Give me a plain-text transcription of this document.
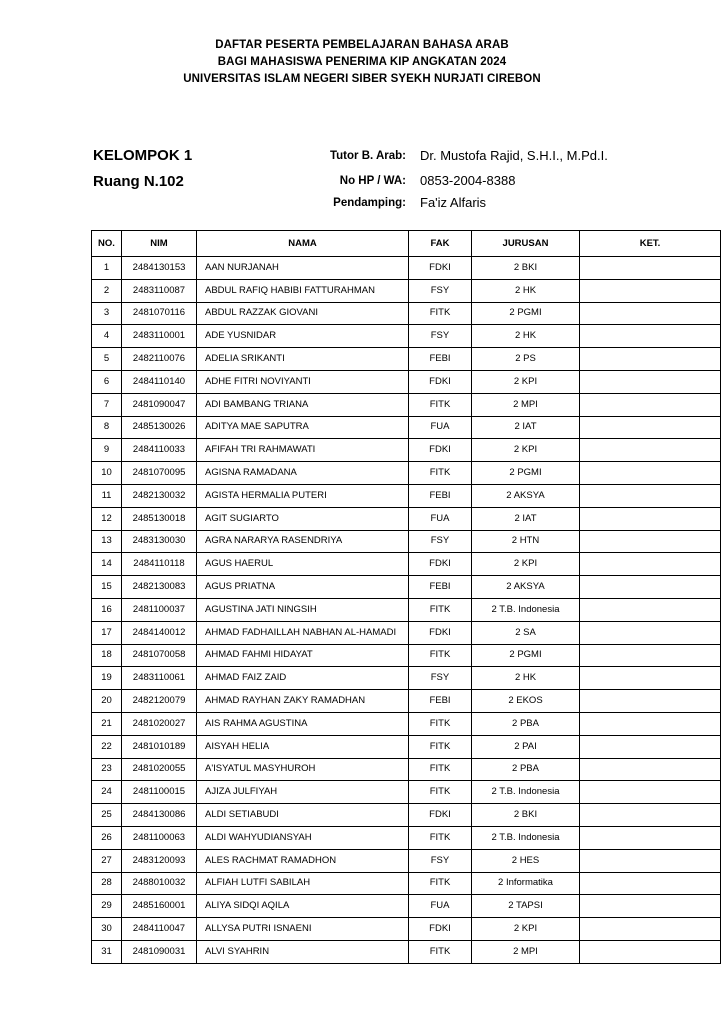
DAFTAR PESERTA PEMBELAJARAN BAHASA ARAB
BAGI MAHASISWA PENERIMA KIP ANGKATAN 2024
UNIVERSITAS ISLAM NEGERI SIBER SYEKH NURJATI CIREBON
KELOMPOK 1
Ruang N.102
Tutor B. Arab: Dr. Mustofa Rajid, S.H.I., M.Pd.I.
No HP / WA: 0853-2004-8388
Pendamping: Fa'iz Alfaris
NO.	NIM	NAMA	FAK	JURUSAN	KET.
1	2484130153	AAN NURJANAH	FDKI	2 BKI	
2	2483110087	ABDUL RAFIQ HABIBI FATTURAHMAN	FSY	2 HK	
3	2481070116	ABDUL RAZZAK GIOVANI	FITK	2 PGMI	
4	2483110001	ADE YUSNIDAR	FSY	2 HK	
5	2482110076	ADELIA SRIKANTI	FEBI	2 PS	
6	2484110140	ADHE FITRI NOVIYANTI	FDKI	2 KPI	
7	2481090047	ADI BAMBANG TRIANA	FITK	2 MPI	
8	2485130026	ADITYA MAE SAPUTRA	FUA	2 IAT	
9	2484110033	AFIFAH TRI RAHMAWATI	FDKI	2 KPI	
10	2481070095	AGISNA RAMADANA	FITK	2 PGMI	
11	2482130032	AGISTA HERMALIA PUTERI	FEBI	2 AKSYA	
12	2485130018	AGIT SUGIARTO	FUA	2 IAT	
13	2483130030	AGRA NARARYA RASENDRIYA	FSY	2 HTN	
14	2484110118	AGUS HAERUL	FDKI	2 KPI	
15	2482130083	AGUS PRIATNA	FEBI	2 AKSYA	
16	2481100037	AGUSTINA JATI NINGSIH	FITK	2 T.B. Indonesia	
17	2484140012	AHMAD FADHAILLAH NABHAN AL-HAMADI	FDKI	2 SA	
18	2481070058	AHMAD FAHMI HIDAYAT	FITK	2 PGMI	
19	2483110061	AHMAD FAIZ ZAID	FSY	2 HK	
20	2482120079	AHMAD RAYHAN ZAKY RAMADHAN	FEBI	2 EKOS	
21	2481020027	AIS RAHMA AGUSTINA	FITK	2 PBA	
22	2481010189	AISYAH HELIA	FITK	2 PAI	
23	2481020055	A'ISYATUL MASYHUROH	FITK	2 PBA	
24	2481100015	AJIZA JULFIYAH	FITK	2 T.B. Indonesia	
25	2484130086	ALDI SETIABUDI	FDKI	2 BKI	
26	2481100063	ALDI WAHYUDIANSYAH	FITK	2 T.B. Indonesia	
27	2483120093	ALES RACHMAT RAMADHON	FSY	2 HES	
28	2488010032	ALFIAH LUTFI SABILAH	FITK	2 Informatika	
29	2485160001	ALIYA SIDQI AQILA	FUA	2 TAPSI	
30	2484110047	ALLYSA PUTRI ISNAENI	FDKI	2 KPI	
31	2481090031	ALVI SYAHRIN	FITK	2 MPI	
